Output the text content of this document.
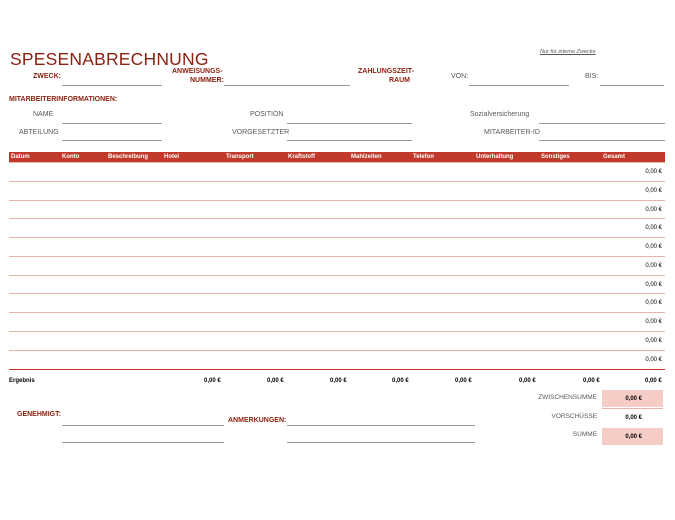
SPESENABRECHNUNG	Nur für interne Zwecke
ZWECK:
ANWEISUNGS-
NUMMER:
ZAHLUNGSZEIT-
RAUM
VON:	BIS:
MITARBEITERINFORMATIONEN:
NAME	POSITION	Sozialversicherung
ABTEILUNG	VORGESETZTER	MITARBEITER-ID
Datum	Konto	Beschreibung	Hotel	Transport	Kraftstoff	Mahlzeiten	Telefon	Unterhaltung	Sonstiges	Gesamt
0,00 €
0,00 €
0,00 €
0,00 €
0,00 €
0,00 €
0,00 €
0,00 €
0,00 €
0,00 €
0,00 €
Ergebnis	0,00 €	0,00 €	0,00 €	0,00 €	0,00 €	0,00 €	0,00 €	0,00 €
ZWISCHENSUMME	0,00 €
VORSCHÜSSE	0,00 €
SUMME	0,00 €
GENEHMIGT:
ANMERKUNGEN:
